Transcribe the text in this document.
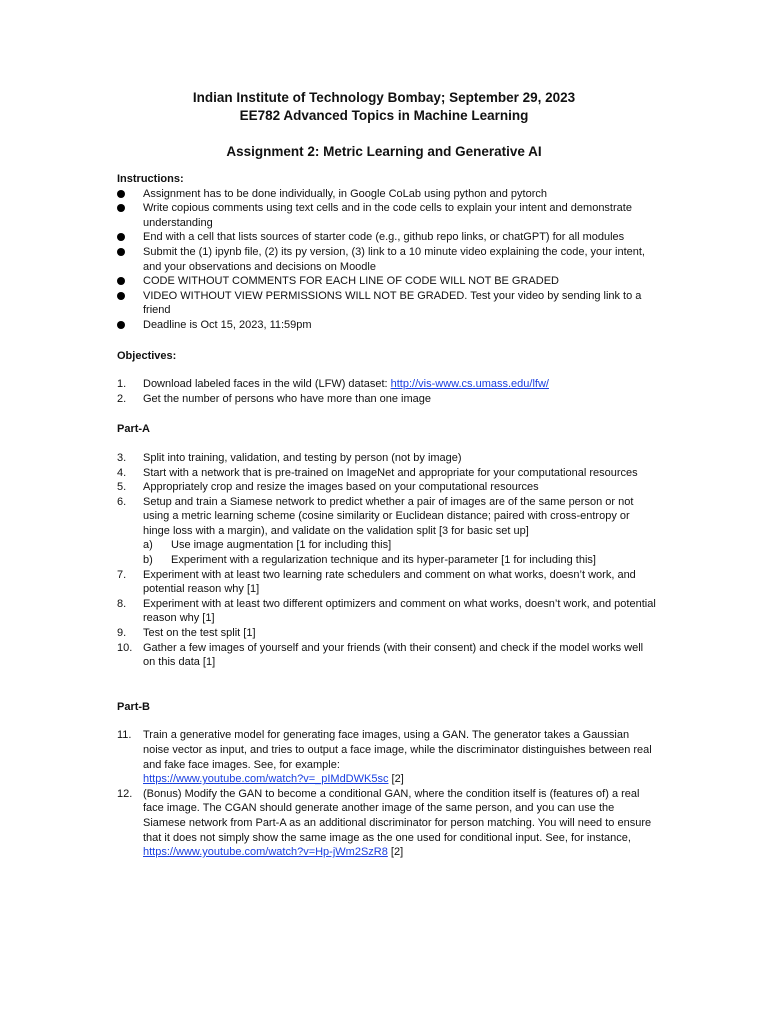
Indian Institute of Technology Bombay; September 29, 2023
EE782 Advanced Topics in Machine Learning
Assignment 2: Metric Learning and Generative AI

Instructions:

Assignment has to be done individually, in Google CoLab using python and pytorch
Write copious comments using text cells and in the code cells to explain your intent and demonstrate understanding
End with a cell that lists sources of starter code (e.g., github repo links, or chatGPT) for all modules
Submit the (1) ipynb file, (2) its py version, (3) link to a 10 minute video explaining the code, your intent, and your observations and decisions on Moodle
CODE WITHOUT COMMENTS FOR EACH LINE OF CODE WILL NOT BE GRADED
VIDEO WITHOUT VIEW PERMISSIONS WILL NOT BE GRADED. Test your video by sending link to a friend
Deadline is Oct 15, 2023, 11:59pm

Objectives:

1.	Download labeled faces in the wild (LFW) dataset: http://vis-www.cs.umass.edu/lfw/
2.	Get the number of persons who have more than one image

Part-A

3.	Split into training, validation, and testing by person (not by image)
4.	Start with a network that is pre-trained on ImageNet and appropriate for your computational resources
5.	Appropriately crop and resize the images based on your computational resources
6.	Setup and train a Siamese network to predict whether a pair of images are of the same person or not using a metric learning scheme (cosine similarity or Euclidean distance; paired with cross-entropy or hinge loss with a margin), and validate on the validation split [3 for basic set up]
a) Use image augmentation [1 for including this]
b) Experiment with a regularization technique and its hyper-parameter [1 for including this]
7.	Experiment with at least two learning rate schedulers and comment on what works, doesn’t work, and potential reason why [1]
8.	Experiment with at least two different optimizers and comment on what works, doesn’t work, and potential reason why [1]
9.	Test on the test split [1]
10. Gather a few images of yourself and your friends (with their consent) and check if the model works well on this data [1]

Part-B

11.	Train a generative model for generating face images, using a GAN. The generator takes a Gaussian noise vector as input, and tries to output a face image, while the discriminator distinguishes between real and fake face images. See, for example:
https://www.youtube.com/watch?v=_pIMdDWK5sc [2]
12. (Bonus) Modify the GAN to become a conditional GAN, where the condition itself is (features of) a real face image. The CGAN should generate another image of the same person, and you can use the Siamese network from Part-A as an additional discriminator for person matching. You will need to ensure that it does not simply show the same image as the one used for conditional input. See, for instance, https://www.youtube.com/watch?v=Hp-jWm2SzR8 [2]
